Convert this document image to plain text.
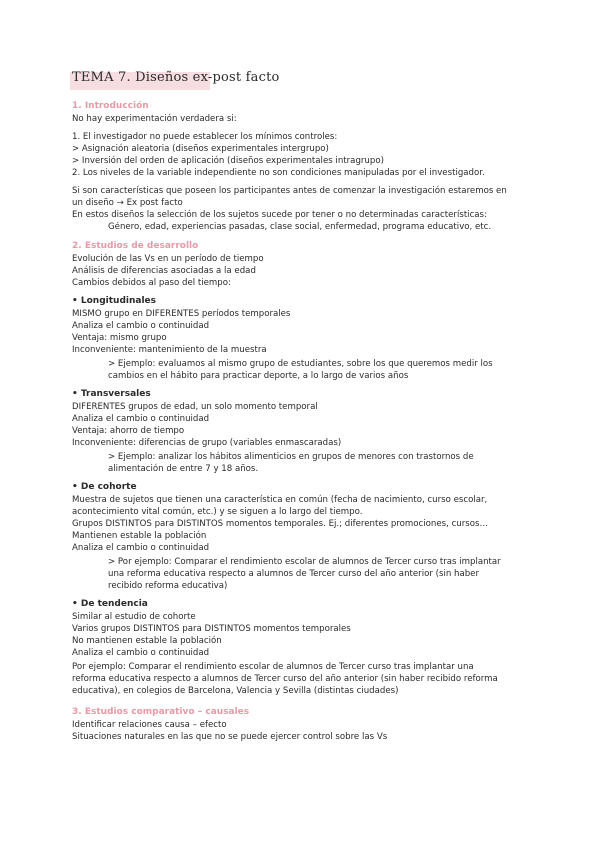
TEMA 7. Diseños ex-post facto
1. Introducción
No hay experimentación verdadera si:
1. El investigador no puede establecer los mínimos controles:
> Asignación aleatoria (diseños experimentales intergrupo)
> Inversión del orden de aplicación (diseños experimentales intragrupo)
2. Los niveles de la variable independiente no son condiciones manipuladas por el investigador.
Si son características que poseen los participantes antes de comenzar la investigación estaremos en
un diseño → Ex post facto
En estos diseños la selección de los sujetos sucede por tener o no determinadas características:
Género, edad, experiencias pasadas, clase social, enfermedad, programa educativo, etc.
2. Estudios de desarrollo
Evolución de las Vs en un período de tiempo
Análisis de diferencias asociadas a la edad
Cambios debidos al paso del tiempo:
• Longitudinales
MISMO grupo en DIFERENTES períodos temporales
Analiza el cambio o continuidad
Ventaja: mismo grupo
Inconveniente: mantenimiento de la muestra
> Ejemplo: evaluamos al mismo grupo de estudiantes, sobre los que queremos medir los
cambios en el hábito para practicar deporte, a lo largo de varios años
• Transversales
DIFERENTES grupos de edad, un solo momento temporal
Analiza el cambio o continuidad
Ventaja: ahorro de tiempo
Inconveniente: diferencias de grupo (variables enmascaradas)
> Ejemplo: analizar los hábitos alimenticios en grupos de menores con trastornos de
alimentación de entre 7 y 18 años.
• De cohorte
Muestra de sujetos que tienen una característica en común (fecha de nacimiento, curso escolar,
acontecimiento vital común, etc.) y se siguen a lo largo del tiempo.
Grupos DISTINTOS para DISTINTOS momentos temporales. Ej.; diferentes promociones, cursos…
Mantienen estable la población
Analiza el cambio o continuidad
> Por ejemplo: Comparar el rendimiento escolar de alumnos de Tercer curso tras implantar
una reforma educativa respecto a alumnos de Tercer curso del año anterior (sin haber
recibido reforma educativa)
• De tendencia
Similar al estudio de cohorte
Varios grupos DISTINTOS para DISTINTOS momentos temporales
No mantienen estable la población
Analiza el cambio o continuidad
Por ejemplo: Comparar el rendimiento escolar de alumnos de Tercer curso tras implantar una
reforma educativa respecto a alumnos de Tercer curso del año anterior (sin haber recibido reforma
educativa), en colegios de Barcelona, Valencia y Sevilla (distintas ciudades)
3. Estudios comparativo – causales
Identificar relaciones causa – efecto
Situaciones naturales en las que no se puede ejercer control sobre las Vs
